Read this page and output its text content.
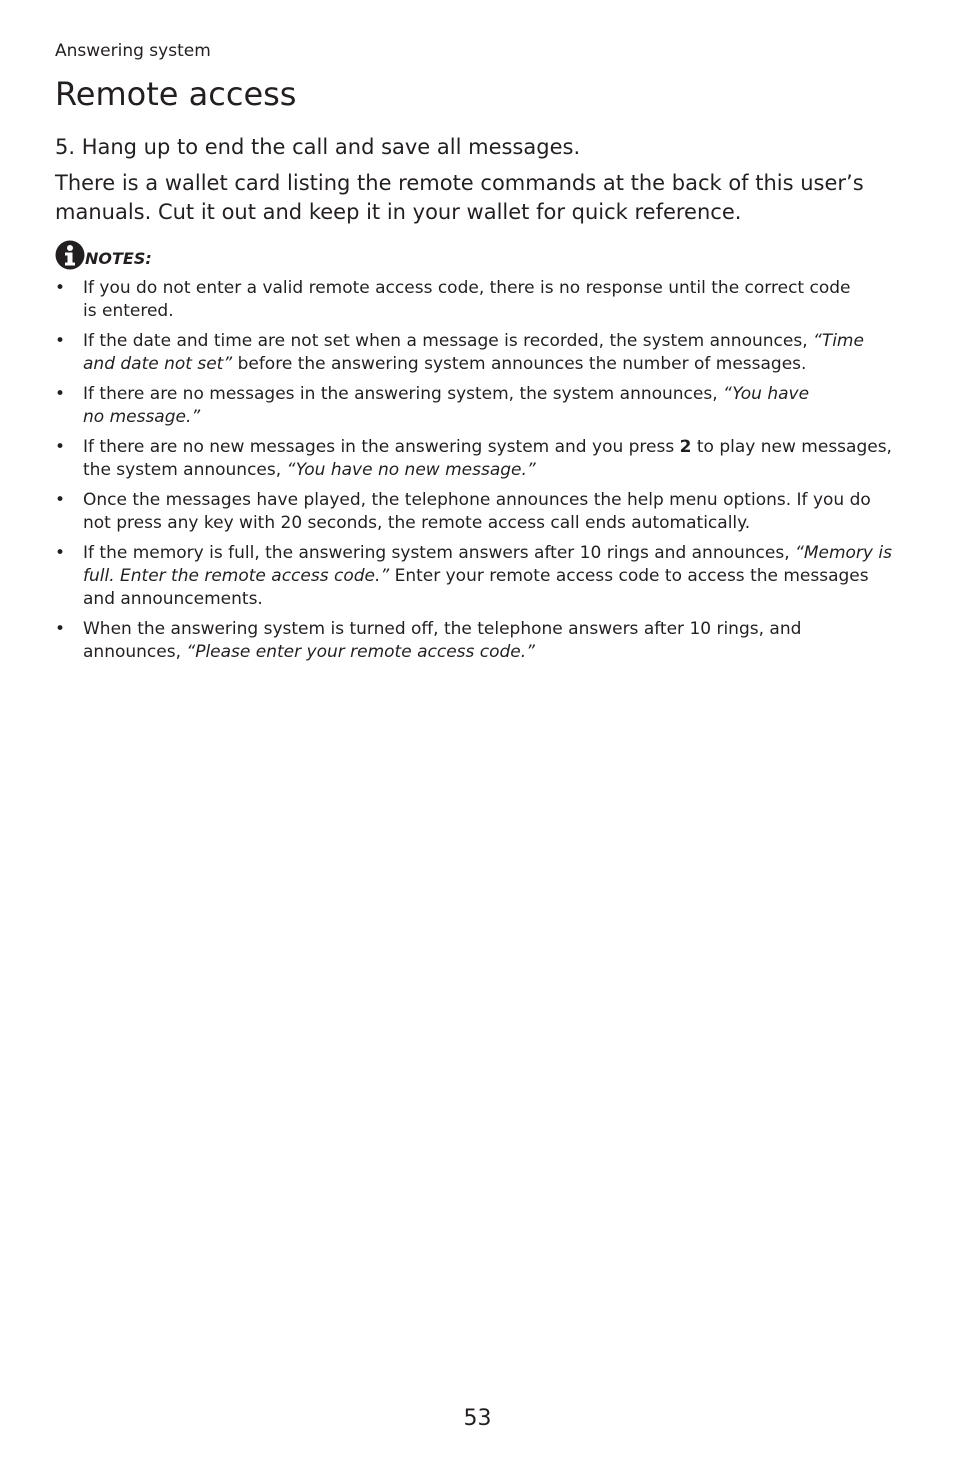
Answering system
Remote access

5. Hang up to end the call and save all messages.

There is a wallet card listing the remote commands at the back of this user’s manuals. Cut it out and keep it in your wallet for quick reference.

NOTES:
• If you do not enter a valid remote access code, there is no response until the correct code
is entered.
• If the date and time are not set when a message is recorded, the system announces, “Time and date not set” before the answering system announces the number of messages.
• If there are no messages in the answering system, the system announces, “You have
no message.”
• If there are no new messages in the answering system and you press 2 to play new messages, the system announces, “You have no new message.”
• Once the messages have played, the telephone announces the help menu options. If you do not press any key with 20 seconds, the remote access call ends automatically.
• If the memory is full, the answering system answers after 10 rings and announces, “Memory is full. Enter the remote access code.” Enter your remote access code to access the messages and announcements.
• When the answering system is turned off, the telephone answers after 10 rings, and announces, “Please enter your remote access code.”
53
